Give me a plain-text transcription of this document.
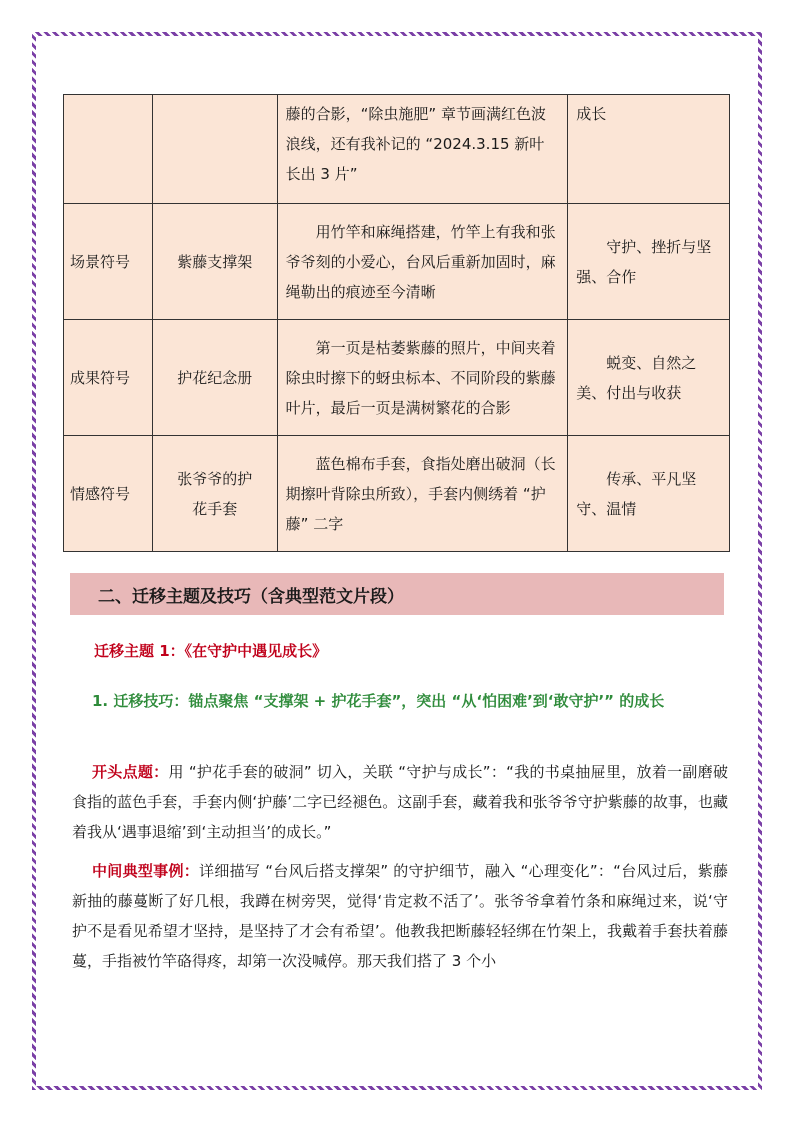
		藤的合影，“除虫施肥” 章节画满红色波浪线，还有我补记的 “2024.3.15 新叶长出 3 片”	成长
场景符号	紫藤支撑架	用竹竿和麻绳搭建，竹竿上有我和张爷爷刻的小爱心，台风后重新加固时，麻绳勒出的痕迹至今清晰	守护、挫折与坚强、合作
成果符号	护花纪念册	第一页是枯萎紫藤的照片，中间夹着除虫时擦下的蚜虫标本、不同阶段的紫藤叶片，最后一页是满树繁花的合影	蜕变、自然之美、付出与收获
情感符号	张爷爷的护花手套	蓝色棉布手套，食指处磨出破洞（长期擦叶背除虫所致），手套内侧绣着 “护藤” 二字	传承、平凡坚守、温情
二、迁移主题及技巧（含典型范文片段）
迁移主题 1：《在守护中遇见成长》
1. 迁移技巧：锚点聚焦 “支撑架 + 护花手套”，突出 “从‘怕困难’到‘敢守护’” 的成长
开头点题：用 “护花手套的破洞” 切入，关联 “守护与成长”：“我的书桌抽屉里，放着一副磨破食指的蓝色手套，手套内侧‘护藤’二字已经褪色。这副手套，藏着我和张爷爷守护紫藤的故事，也藏着我从‘遇事退缩’到‘主动担当’的成长。”
中间典型事例：详细描写 “台风后搭支撑架” 的守护细节，融入 “心理变化”：“台风过后，紫藤新抽的藤蔓断了好几根，我蹲在树旁哭，觉得‘肯定救不活了’。张爷爷拿着竹条和麻绳过来，说‘守护不是看见希望才坚持，是坚持了才会有希望’。他教我把断藤轻轻绑在竹架上，我戴着手套扶着藤蔓，手指被竹竿硌得疼，却第一次没喊停。那天我们搭了 3 个小
